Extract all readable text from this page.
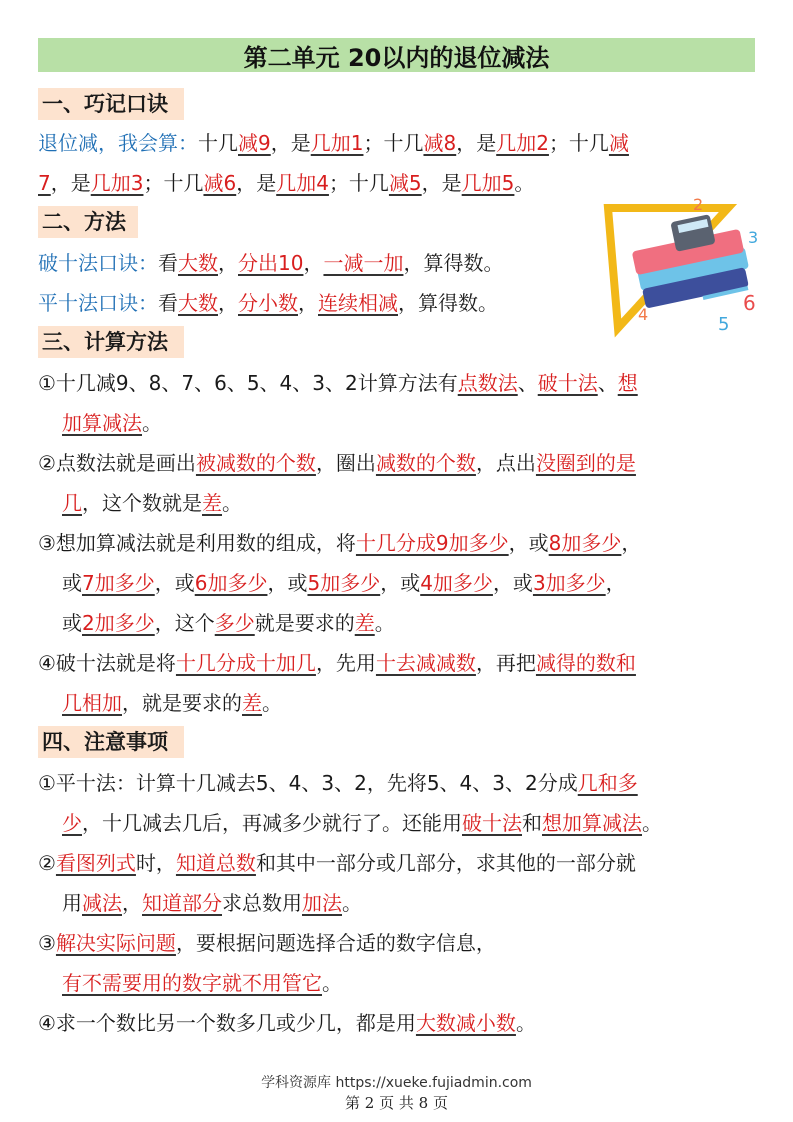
第二单元 20以内的退位减法
一、巧记口诀
退位减，我会算：十几减9，是几加1；十几减8，是几加2；十几减
7，是几加3；十几减6，是几加4；十几减5，是几加5。
二、方法
破十法口诀：看大数，分出10，一减一加，算得数。
平十法口诀：看大数，分小数，连续相减，算得数。
2
3
6
5
4
三、计算方法
①十几减9、8、7、6、5、4、3、2计算方法有点数法、破十法、想
加算减法。
②点数法就是画出被减数的个数，圈出减数的个数，点出没圈到的是
几，这个数就是差。
③想加算减法就是利用数的组成，将十几分成9加多少，或8加多少，
或7加多少，或6加多少，或5加多少，或4加多少，或3加多少，
或2加多少，这个多少就是要求的差。
④破十法就是将十几分成十加几，先用十去减减数，再把减得的数和
几相加，就是要求的差。
四、注意事项
①平十法：计算十几减去5、4、3、2，先将5、4、3、2分成几和多
少，十几减去几后，再减多少就行了。还能用破十法和想加算减法。
②看图列式时，知道总数和其中一部分或几部分，求其他的一部分就
用减法，知道部分求总数用加法。
③解决实际问题，要根据问题选择合适的数字信息，
有不需要用的数字就不用管它。
④求一个数比另一个数多几或少几，都是用大数减小数。
学科资源库 https://xueke.fujiadmin.com
第 2 页 共 8 页
